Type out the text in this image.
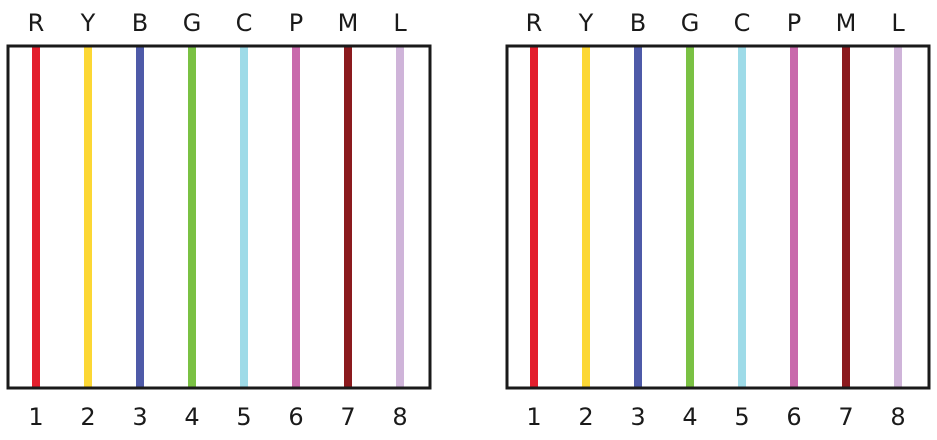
R
1
Y
2
B
3
G
4
C
5
P
6
M
7
L
8
R
1
Y
2
B
3
G
4
C
5
P
6
M
7
L
8
